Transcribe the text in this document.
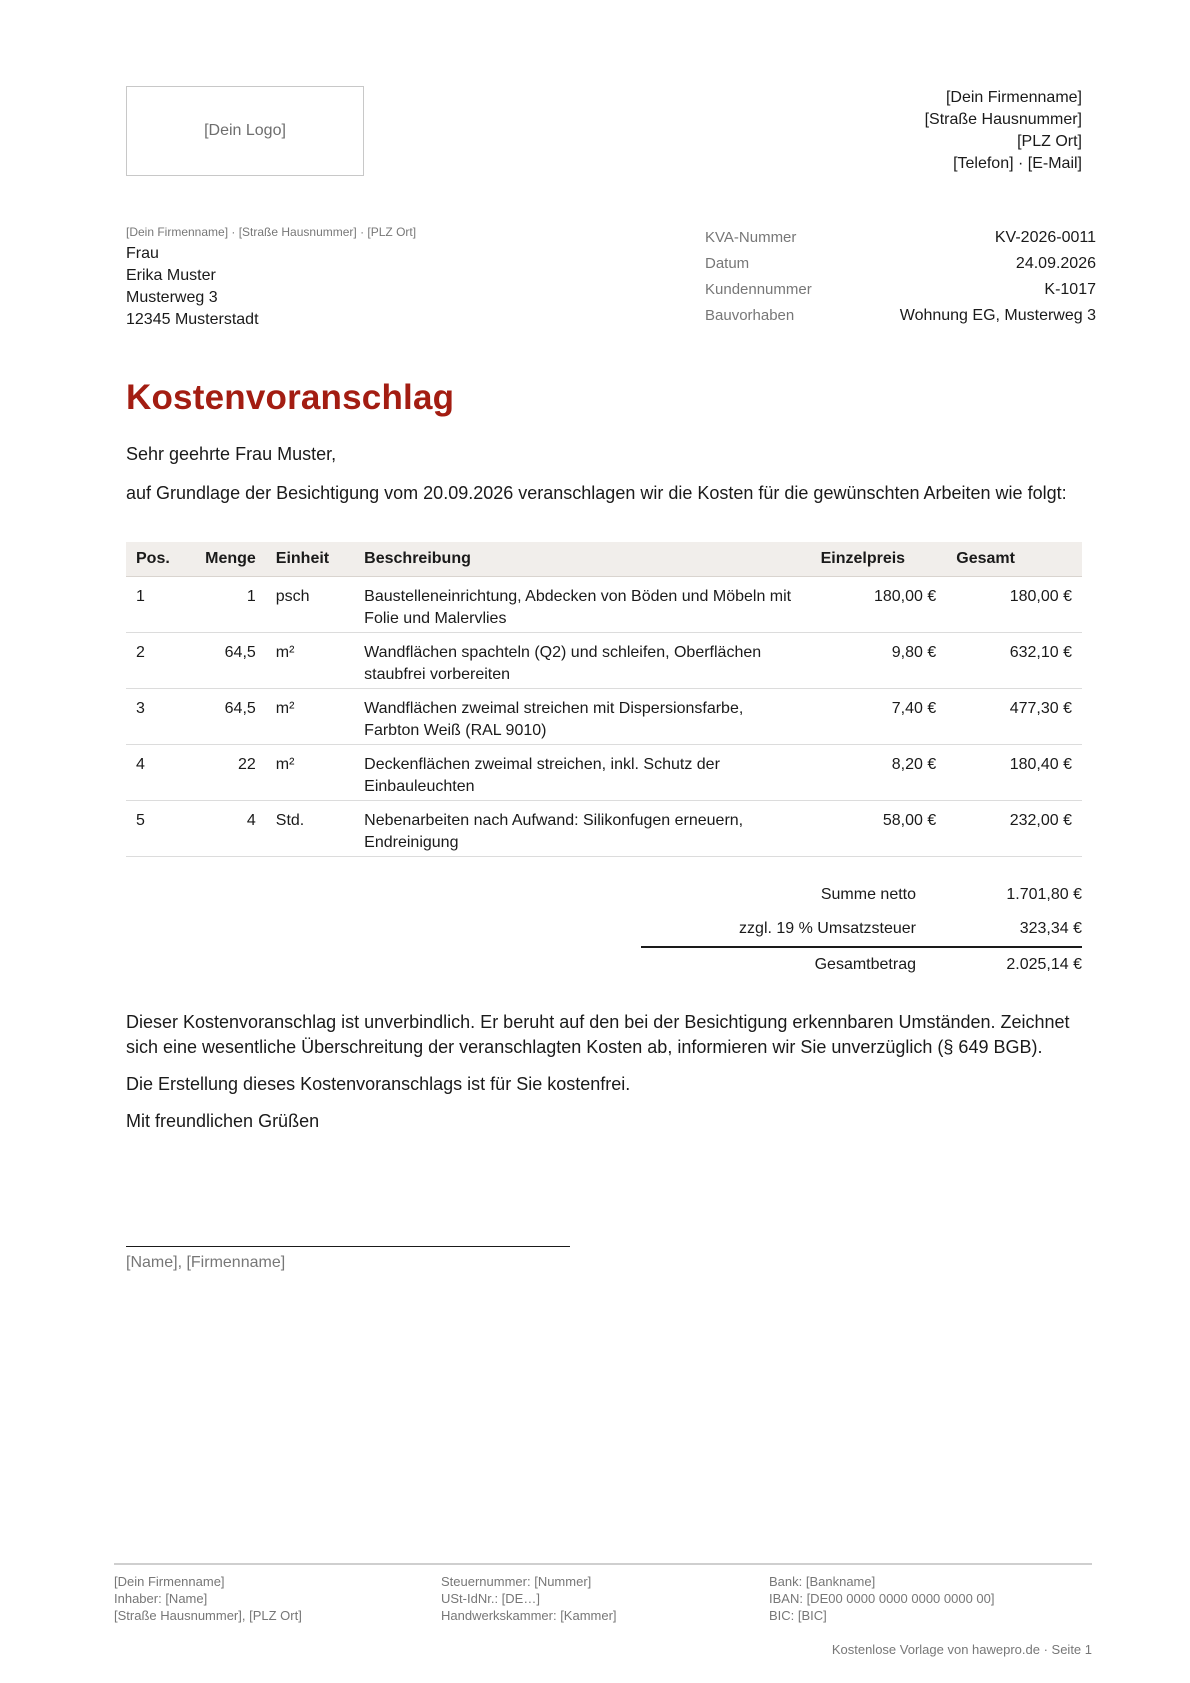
[Dein Logo]
[Dein Firmenname]
[Straße Hausnummer]
[PLZ Ort]
[Telefon] · [E-Mail]
[Dein Firmenname] · [Straße Hausnummer] · [PLZ Ort]
Frau
Erika Muster
Musterweg 3
12345 Musterstadt
KVA-Nummer	KV-2026-0011
Datum	24.09.2026
Kundennummer	K-1017
Bauvorhaben	Wohnung EG, Musterweg 3
Kostenvoranschlag
Sehr geehrte Frau Muster,
auf Grundlage der Besichtigung vom 20.09.2026 veranschlagen wir die Kosten für die gewünschten Arbeiten wie folgt:
Pos.	Menge	Einheit	Beschreibung	Einzelpreis	Gesamt
1	1	psch	Baustelleneinrichtung, Abdecken von Böden und Möbeln mit Folie und Malervlies	180,00 €	180,00 €
2	64,5	m²	Wandflächen spachteln (Q2) und schleifen, Oberflächen staubfrei vorbereiten	9,80 €	632,10 €
3	64,5	m²	Wandflächen zweimal streichen mit Dispersionsfarbe, Farbton Weiß (RAL 9010)	7,40 €	477,30 €
4	22	m²	Deckenflächen zweimal streichen, inkl. Schutz der Einbauleuchten	8,20 €	180,40 €
5	4	Std.	Nebenarbeiten nach Aufwand: Silikonfugen erneuern, Endreinigung	58,00 €	232,00 €
Summe netto	1.701,80 €
zzgl. 19 % Umsatzsteuer	323,34 €
Gesamtbetrag	2.025,14 €

Dieser Kostenvoranschlag ist unverbindlich. Er beruht auf den bei der Besichtigung erkennbaren Umständen. Zeichnet sich eine wesentliche Überschreitung der veranschlagten Kosten ab, informieren wir Sie unverzüglich (§ 649 BGB).

Die Erstellung dieses Kostenvoranschlags ist für Sie kostenfrei.

Mit freundlichen Grüßen

[Name], [Firmenname]
[Dein Firmenname]
Inhaber: [Name]
[Straße Hausnummer], [PLZ Ort]
Steuernummer: [Nummer]
USt-IdNr.: [DE…]
Handwerkskammer: [Kammer]
Bank: [Bankname]
IBAN: [DE00 0000 0000 0000 0000 00]
BIC: [BIC]
Kostenlose Vorlage von hawepro.de · Seite 1
